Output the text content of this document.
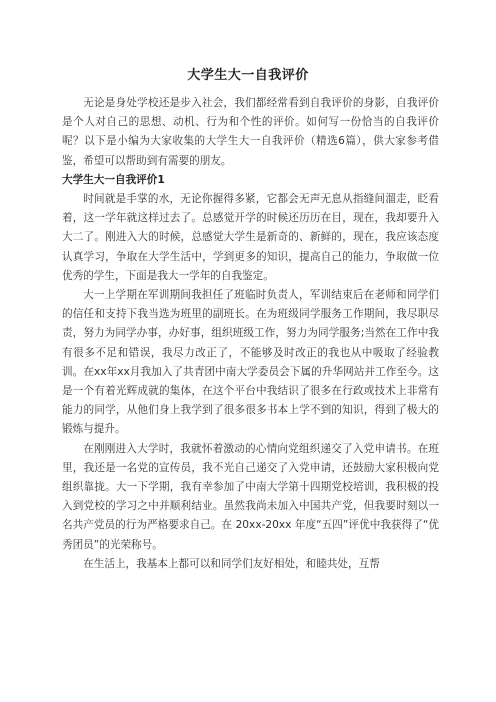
大学生大一自我评价

无论是身处学校还是步入社会，我们都经常看到自我评价的身影，自我评价是个人对自己的思想、动机、行为和个性的评价。如何写一份恰当的自我评价呢？以下是小编为大家收集的大学生大一自我评价（精选6篇），供大家参考借鉴，希望可以帮助到有需要的朋友。

大学生大一自我评价1

时间就是手掌的水，无论你握得多紧，它都会无声无息从指缝间溜走，眨看着，这一学年就这样过去了。总感觉开学的时候还历历在目，现在，我却要升入大二了。刚进入大的时候，总感觉大学生是新奇的、新鲜的，现在，我应该态度认真学习，争取在大学生活中，学到更多的知识，提高自己的能力，争取做一位优秀的学生，下面是我大一学年的自我鉴定。

大一上学期在军训期间我担任了班临时负责人，军训结束后在老师和同学们的信任和支持下我当选为班里的副班长。在为班级同学服务工作期间，我尽职尽责，努力为同学办事，办好事，组织班级工作，努力为同学服务;当然在工作中我有很多不足和错误，我尽力改正了，不能够及时改正的我也从中吸取了经验教训。在xx年xx月我加入了共青团中南大学委员会下属的升华网站并工作至今。这是一个有着光辉成就的集体，在这个平台中我结识了很多在行政或技术上非常有能力的同学，从他们身上我学到了很多很多书本上学不到的知识，得到了极大的锻炼与提升。

在刚刚进入大学时，我就怀着激动的心情向党组织递交了入党申请书。在班里，我还是一名党的宣传员，我不光自己递交了入党申请，还鼓励大家积极向党组织靠拢。大一下学期，我有幸参加了中南大学第十四期党校培训，我积极的投入到党校的学习之中并顺利结业。虽然我尚未加入中国共产党，但我要时刻以一名共产党员的行为严格要求自己。在 20xx-20xx 年度“五四”评优中我获得了“优秀团员”的光荣称号。

在生活上，我基本上都可以和同学们友好相处，和睦共处，互帮
